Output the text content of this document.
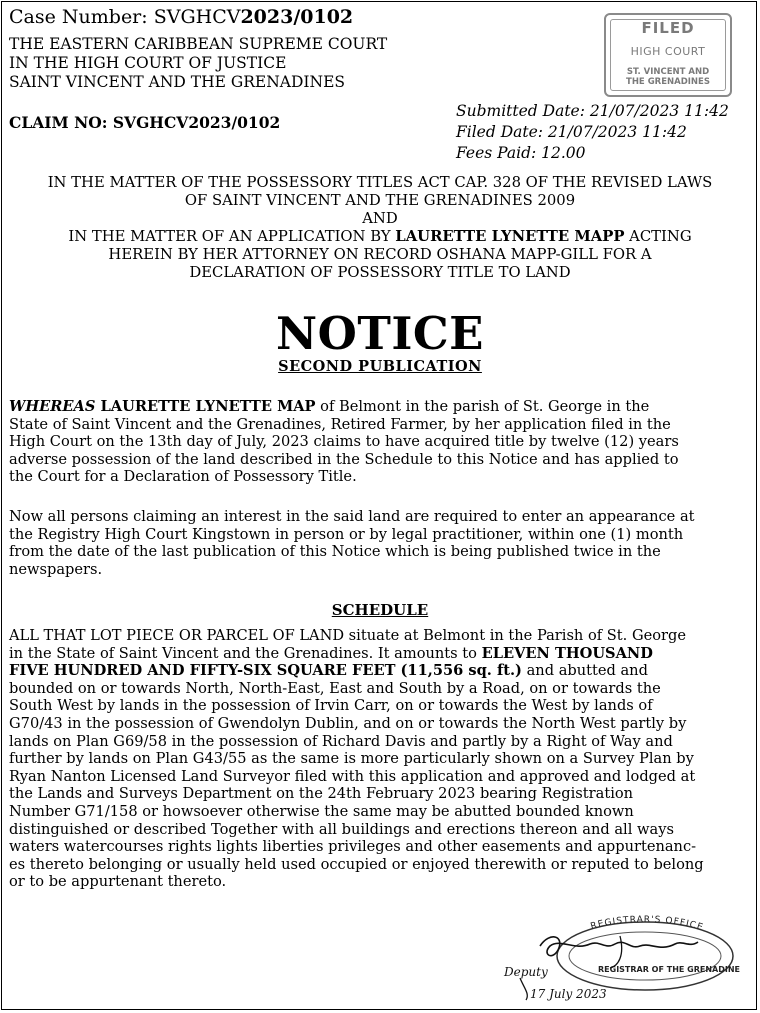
Case Number: SVGHCV2023/0102
THE EASTERN CARIBBEAN SUPREME COURT
IN THE HIGH COURT OF JUSTICE
SAINT VINCENT AND THE GRENADINES
CLAIM NO: SVGHCV2023/0102
Submitted Date: 21/07/2023 11:42
Filed Date: 21/07/2023 11:42
Fees Paid: 12.00
FILED
HIGH COURT
ST. VINCENT AND
THE GRENADINES
IN THE MATTER OF THE POSSESSORY TITLES ACT CAP. 328 OF THE REVISED LAWS
OF SAINT VINCENT AND THE GRENADINES 2009
AND
IN THE MATTER OF AN APPLICATION BY LAURETTE LYNETTE MAPP ACTING
HEREIN BY HER ATTORNEY ON RECORD OSHANA MAPP-GILL FOR A
DECLARATION OF POSSESSORY TITLE TO LAND
NOTICE
SECOND PUBLICATION
WHEREAS LAURETTE LYNETTE MAP of Belmont in the parish of St. George in the
State of Saint Vincent and the Grenadines, Retired Farmer, by her application filed in the
High Court on the 13th day of July, 2023 claims to have acquired title by twelve (12) years
adverse possession of the land described in the Schedule to this Notice and has applied to
the Court for a Declaration of Possessory Title.
Now all persons claiming an interest in the said land are required to enter an appearance at
the Registry High Court Kingstown in person or by legal practitioner, within one (1) month
from the date of the last publication of this Notice which is being published twice in the
newspapers.
SCHEDULE
ALL THAT LOT PIECE OR PARCEL OF LAND situate at Belmont in the Parish of St. George
in the State of Saint Vincent and the Grenadines. It amounts to ELEVEN THOUSAND
FIVE HUNDRED AND FIFTY-SIX SQUARE FEET (11,556 sq. ft.) and abutted and
bounded on or towards North, North-East, East and South by a Road, on or towards the
South West by lands in the possession of Irvin Carr, on or towards the West by lands of
G70/43 in the possession of Gwendolyn Dublin, and on or towards the North West partly by
lands on Plan G69/58 in the possession of Richard Davis and partly by a Right of Way and
further by lands on Plan G43/55 as the same is more particularly shown on a Survey Plan by
Ryan Nanton Licensed Land Surveyor filed with this application and approved and lodged at
the Lands and Surveys Department on the 24th February 2023 bearing Registration
Number G71/158 or howsoever otherwise the same may be abutted bounded known
distinguished or described Together with all buildings and erections thereon and all ways
waters watercourses rights lights liberties privileges and other easements and appurtenanc-
es thereto belonging or usually held used occupied or enjoyed therewith or reputed to belong
or to be appurtenant thereto.
REGISTRAR'S OFFICE
REGISTRAR OF THE GRENADINES
Deputy
17 July 2023
